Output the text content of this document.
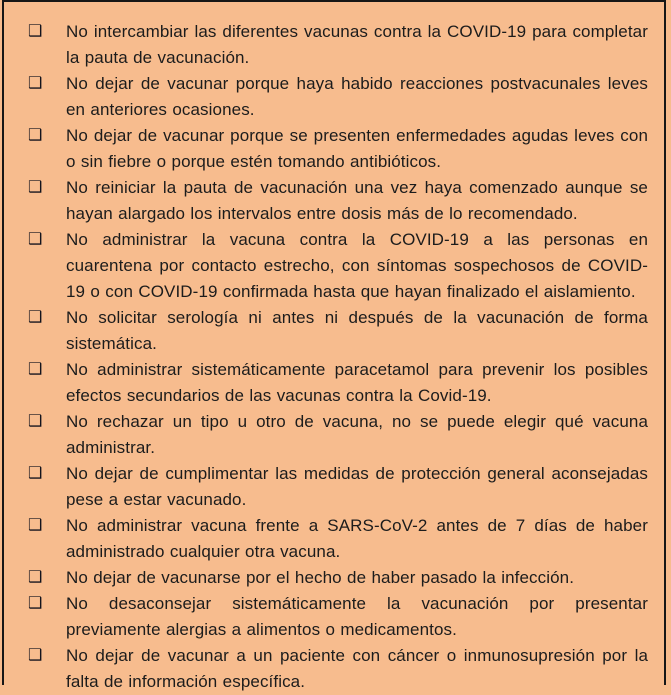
❑	No intercambiar las diferentes vacunas contra la COVID-19 para completar la pauta de vacunación.
❑	No dejar de vacunar porque haya habido reacciones postvacunales leves en anteriores ocasiones.
❑	No dejar de vacunar porque se presenten enfermedades agudas leves con o sin fiebre o porque estén tomando antibióticos.
❑	No reiniciar la pauta de vacunación una vez haya comenzado aunque se hayan alargado los intervalos entre dosis más de lo recomendado.
❑	No administrar la vacuna contra la COVID-19 a las personas en cuarentena por contacto estrecho, con síntomas sospechosos de COVID-19 o con COVID-19 confirmada hasta que hayan finalizado el aislamiento.
❑	No solicitar serología ni antes ni después de la vacunación de forma sistemática.
❑	No administrar sistemáticamente paracetamol para prevenir los posibles efectos secundarios de las vacunas contra la Covid-19.
❑	No rechazar un tipo u otro de vacuna, no se puede elegir qué vacuna administrar.
❑	No dejar de cumplimentar las medidas de protección general aconsejadas pese a estar vacunado.
❑	No administrar vacuna frente a SARS-CoV-2 antes de 7 días de haber administrado cualquier otra vacuna.
❑	No dejar de vacunarse por el hecho de haber pasado la infección.
❑	No desaconsejar sistemáticamente la vacunación por presentar previamente alergias a alimentos o medicamentos.
❑	No dejar de vacunar a un paciente con cáncer o inmunosupresión por la falta de información específica.
